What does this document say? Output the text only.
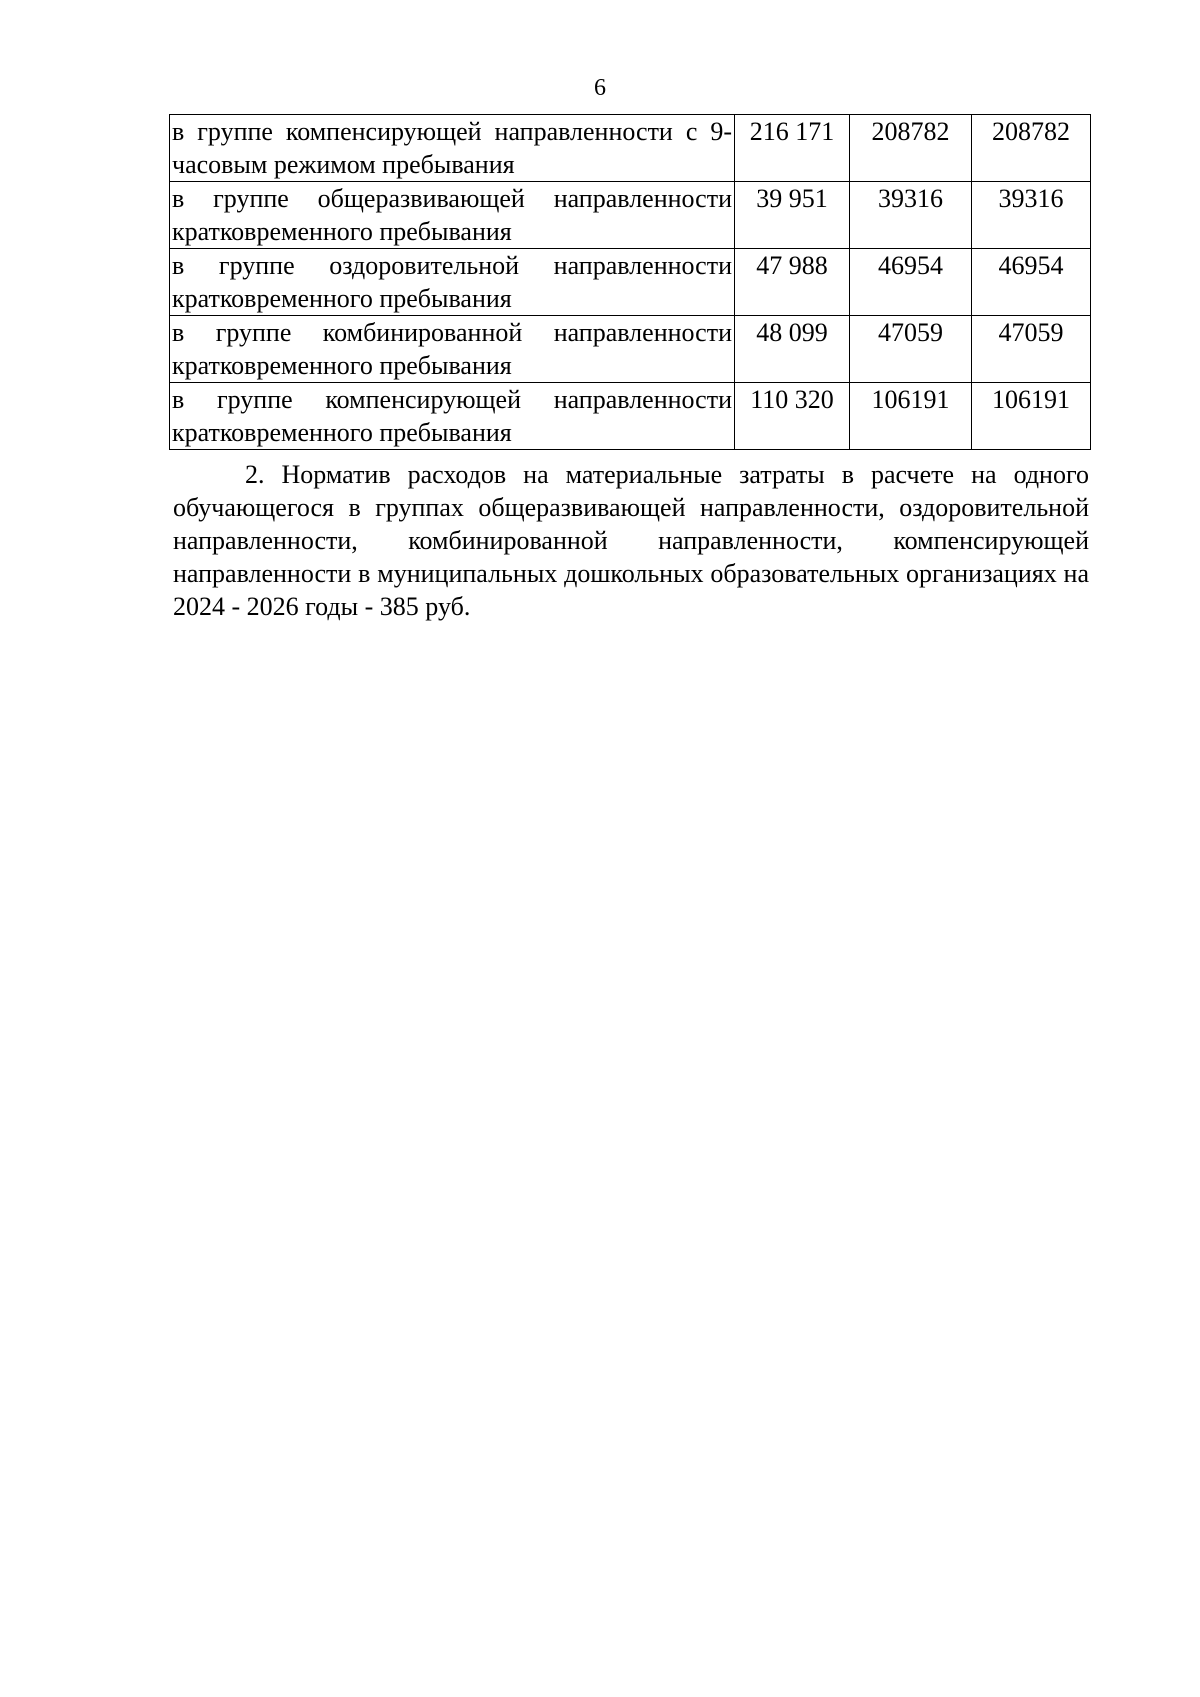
6
в группе компенсирующей направленности с 9-часовым режимом пребывания	216 171	208782	208782
в группе общеразвивающей направленности кратковременного пребывания	39 951	39316	39316
в группе оздоровительной направленности кратковременного пребывания	47 988	46954	46954
в группе комбинированной направленности кратковременного пребывания	48 099	47059	47059
в группе компенсирующей направленности кратковременного пребывания	110 320	106191	106191

2. Норматив расходов на материальные затраты в расчете на одного обучающегося в группах общеразвивающей направленности, оздоровительной направленности, комбинированной направленности, компенсирующей направленности в муниципальных дошкольных образовательных организациях на 2024 - 2026 годы - 385 руб.
